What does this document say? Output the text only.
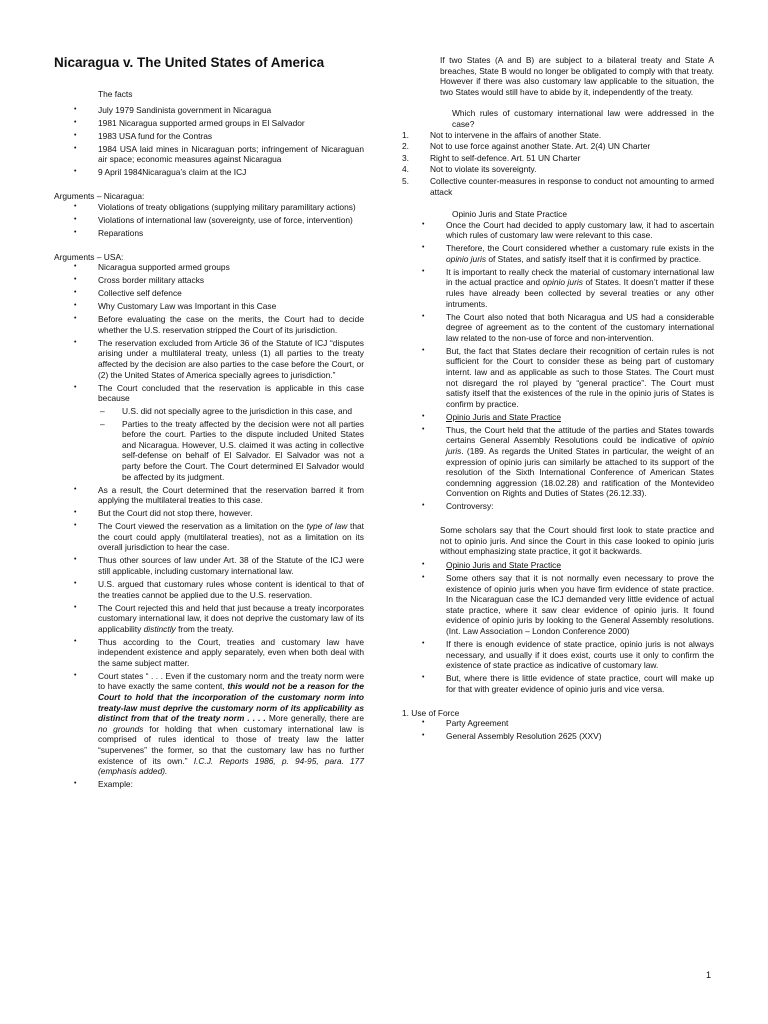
Nicaragua v. The United States of America

The facts

• July 1979 Sandinista government in Nicaragua
• 1981 Nicaragua supported armed groups in El Salvador
• 1983 USA fund for the Contras
• 1984 USA laid mines in Nicaraguan ports; infringement of Nicaraguan air space; economic measures against Nicaragua
• 9 April 1984Nicaragua’s claim at the ICJ

Arguments – Nicaragua:

• Violations of treaty obligations (supplying military paramilitary actions)
• Violations of international law (sovereignty, use of force, intervention)
• Reparations

Arguments – USA:

• Nicaragua supported armed groups
• Cross border military attacks
• Collective self defence
• Why Customary Law was Important in this Case
• Before evaluating the case on the merits, the Court had to decide whether the U.S. reservation stripped the Court of its jurisdiction.
• The reservation excluded from Article 36 of the Statute of ICJ “disputes arising under a multilateral treaty, unless (1) all parties to the treaty affected by the decision are also parties to the case before the Court, or (2) the United States of America specially agrees to jurisdiction.”
• The Court concluded that the reservation is applicable in this case because
– U.S. did not specially agree to the jurisdiction in this case, and
– Parties to the treaty affected by the decision were not all parties before the court. Parties to the dispute included United States and Nicaragua. However, U.S. claimed it was acting in collective self-defense on behalf of El Salvador. El Salvador was not a party before the Court. The Court determined El Salvador would be affected by its judgment.
• As a result, the Court determined that the reservation barred it from applying the multilateral treaties to this case.
• But the Court did not stop there, however.
• The Court viewed the reservation as a limitation on the type of law that the court could apply (multilateral treaties), not as a limitation on its overall jurisdiction to hear the case.
• Thus other sources of law under Art. 38 of the Statute of the ICJ were still applicable, including customary international law.
• U.S. argued that customary rules whose content is identical to that of the treaties cannot be applied due to the U.S. reservation.
• The Court rejected this and held that just because a treaty incorporates customary international law, it does not deprive the customary law of its applicability distinctly from the treaty.
• Thus according to the Court, treaties and customary law have independent existence and apply separately, even when both deal with the same subject matter.
• Court states “ . . . Even if the customary norm and the treaty norm were to have exactly the same content, this would not be a reason for the Court to hold that the incorporation of the customary norm into treaty-law must deprive the customary norm of its applicability as distinct from that of the treaty norm . . . . More generally, there are no grounds for holding that when customary international law is comprised of rules identical to those of treaty law the latter “supervenes” the former, so that the customary law has no further existence of its own.” I.C.J. Reports 1986, p. 94-95, para. 177 (emphasis added).
• Example:

If two States (A and B) are subject to a bilateral treaty and State A breaches, State B would no longer be obligated to comply with that treaty. However if there was also customary law applicable to the situation, the two States would still have to abide by it, independently of the treaty.

Which rules of customary international law were addressed in the case?

1.	Not to intervene in the affairs of another State.
2.	Not to use force against another State. Art. 2(4) UN Charter
3.	Right to self-defence. Art. 51 UN Charter
4.	Not to violate its sovereignty.
5.	Collective counter-measures in response to conduct not amounting to armed attack

Opinio Juris and State Practice

• Once the Court had decided to apply customary law, it had to ascertain which rules of customary law were relevant to this case.
• Therefore, the Court considered whether a customary rule exists in the opinio juris of States, and satisfy itself that it is confirmed by practice.
• It is important to really check the material of customary international law in the actual practice and opinio juris of States. It doesn’t matter if these rules have already been collected by several treaties or any other intruments.
• The Court also noted that both Nicaragua and US had a considerable degree of agreement as to the content of the customary international law related to the non-use of force and non-intervention.
• But, the fact that States declare their recognition of certain rules is not sufficient for the Court to consider these as being part of customary internt. law and as applicable as such to those States. The Court must not disregard the rol played by “general practice”. The Court must satisfy itself that the existences of the rule in the opinio juris of States is confirm by practice.
• Opinio Juris and State Practice
• Thus, the Court held that the attitude of the parties and States towards certains General Assembly Resolutions could be indicative of opinio juris. (189. As regards the United States in particular, the weight of an expression of opinio juris can similarly be attached to its support of the resolution of the Sixth International Conference of American States condemning aggression (18.02.28) and ratification of the Montevideo Convention on Rights and Duties of States (26.12.33).
• Controversy:

Some scholars say that the Court should first look to state practice and not to opinio juris. And since the Court in this case looked to opinio juris without emphasizing state practice, it got it backwards.

• Opinio Juris and State Practice
• Some others say that it is not normally even necessary to prove the existence of opinio juris when you have firm evidence of state practice. In the Nicaraguan case the ICJ demanded very little evidence of actual state practice, where it saw clear evidence of opinio juris. It found evidence of opinio juris by looking to the General Assembly resolutions. (Int. Law Association – London Conference 2000)
• If there is enough evidence of state practice, opinio juris is not always necessary, and usually if it does exist, courts use it only to confirm the existence of state practice as indicative of customary law.
• But, where there is little evidence of state practice, court will make up for that with greater evidence of opinio juris and vice versa.

1. Use of Force

• Party Agreement
• General Assembly Resolution 2625 (XXV)
1
